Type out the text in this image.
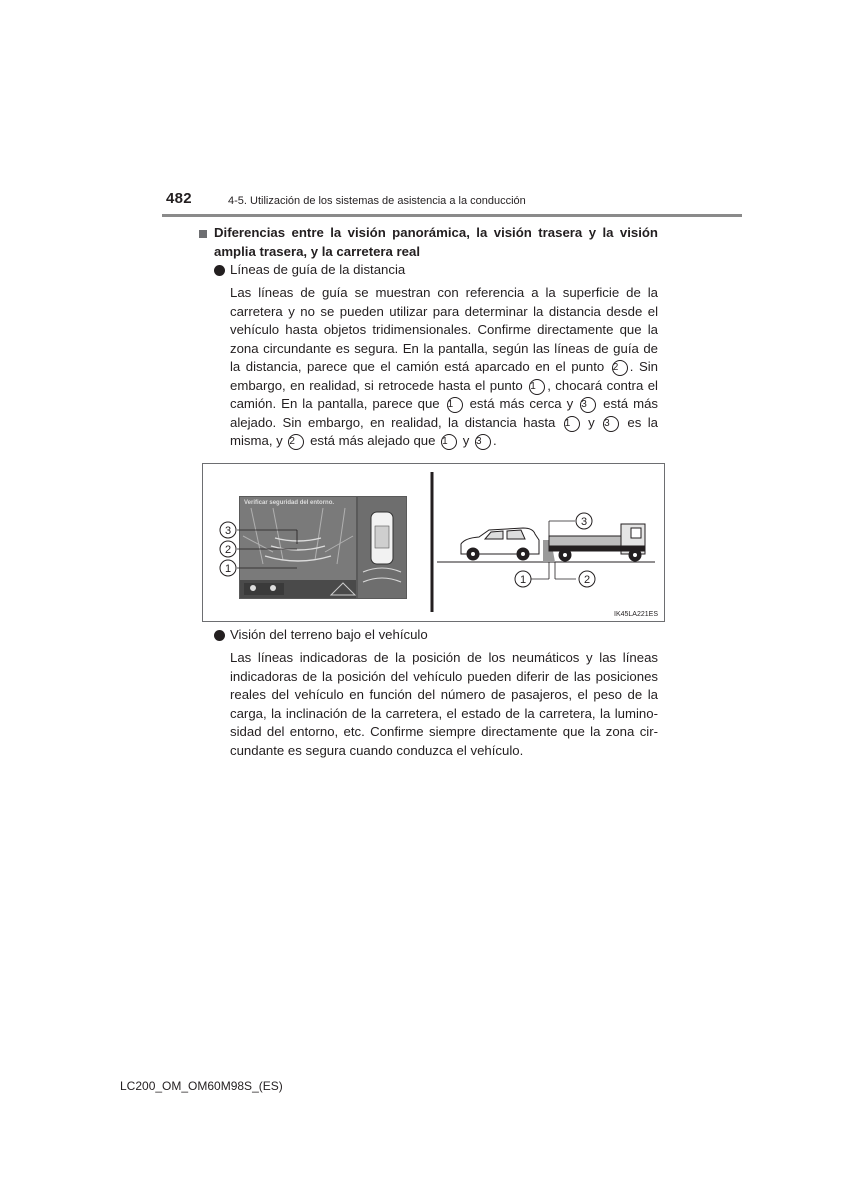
482	4-5. Utilización de los sistemas de asistencia a la conducción
Diferencias entre la visión panorámica, la visión trasera y la visión
amplia trasera, y la carretera real
Líneas de guía de la distancia
Las líneas de guía se muestran con referencia a la superficie de la
carretera y no se pueden utilizar para determinar la distancia desde el
vehículo hasta objetos tridimensionales. Confirme directamente que la
zona circundante es segura. En la pantalla, según las líneas de guía de
la distancia, parece que el camión está aparcado en el punto 2 . Sin
embargo, en realidad, si retrocede hasta el punto 1 , chocará contra el
camión. En la pantalla, parece que 1 está más cerca y 3 está más
alejado. Sin embargo, en realidad, la distancia hasta 1 y 3 es la
misma, y 2 está más alejado que 1 y 3 .
Verificar seguridad del entorno.
3
2
1
3
1	2
IK45LA221ES
Visión del terreno bajo el vehículo
Las líneas indicadoras de la posición de los neumáticos y las líneas
indicadoras de la posición del vehículo pueden diferir de las posiciones
reales del vehículo en función del número de pasajeros, el peso de la
carga, la inclinación de la carretera, el estado de la carretera, la lumino-
sidad del entorno, etc. Confirme siempre directamente que la zona cir-
cundante es segura cuando conduzca el vehículo.
LC200_OM_OM60M98S_(ES)
